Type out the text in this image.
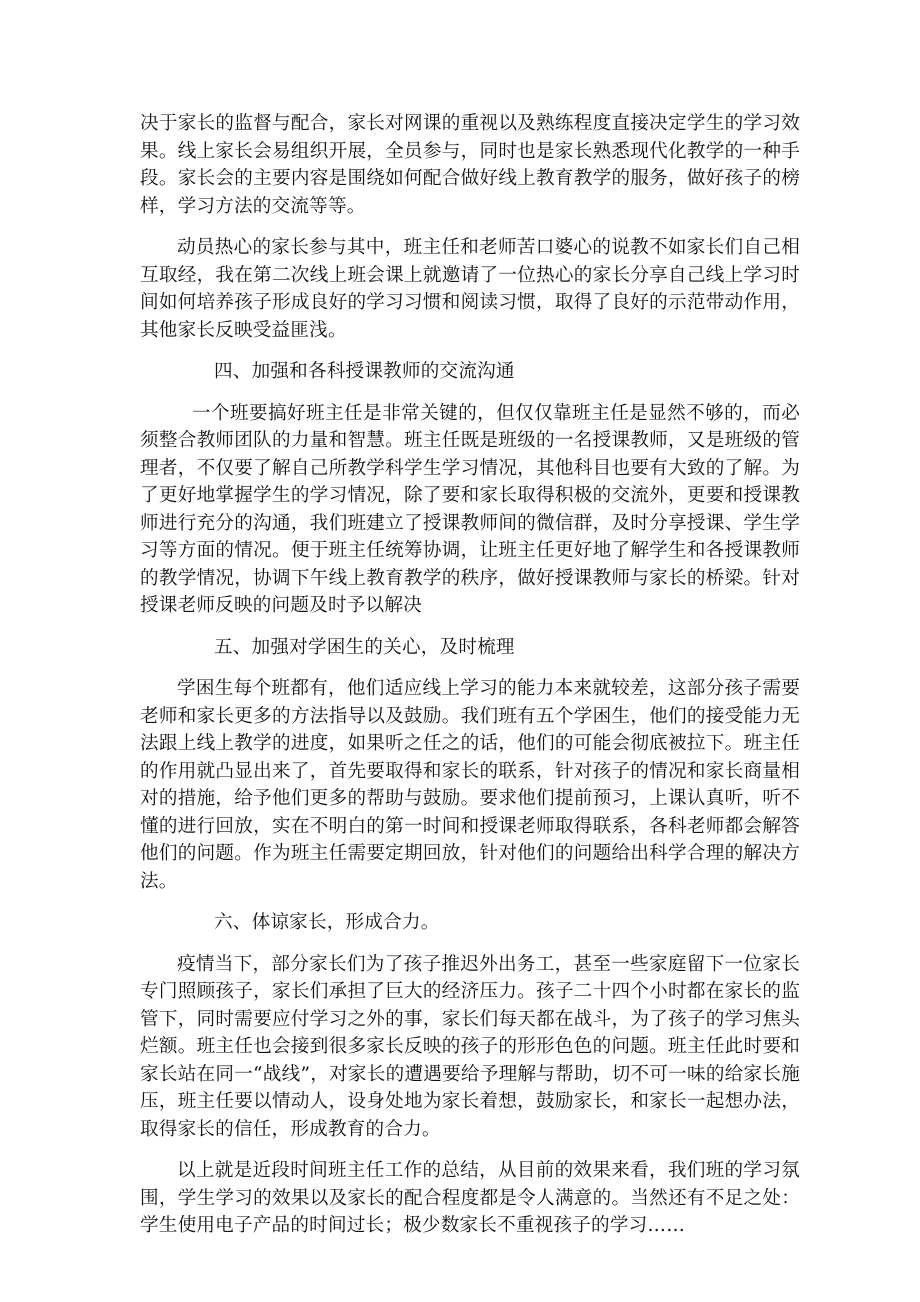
决于家长的监督与配合，家长对网课的重视以及熟练程度直接决定学生的学习效果。线上家长会易组织开展，全员参与，同时也是家长熟悉现代化教学的一种手段。家长会的主要内容是围绕如何配合做好线上教育教学的服务，做好孩子的榜样，学习方法的交流等等。

动员热心的家长参与其中，班主任和老师苦口婆心的说教不如家长们自己相互取经，我在第二次线上班会课上就邀请了一位热心的家长分享自己线上学习时间如何培养孩子形成良好的学习习惯和阅读习惯，取得了良好的示范带动作用，其他家长反映受益匪浅。

四、加强和各科授课教师的交流沟通

一个班要搞好班主任是非常关键的，但仅仅靠班主任是显然不够的，而必须整合教师团队的力量和智慧。班主任既是班级的一名授课教师，又是班级的管理者，不仅要了解自己所教学科学生学习情况，其他科目也要有大致的了解。为了更好地掌握学生的学习情况，除了要和家长取得积极的交流外，更要和授课教师进行充分的沟通，我们班建立了授课教师间的微信群，及时分享授课、学生学习等方面的情况。便于班主任统筹协调，让班主任更好地了解学生和各授课教师的教学情况，协调下午线上教育教学的秩序，做好授课教师与家长的桥梁。针对授课老师反映的问题及时予以解决

五、加强对学困生的关心，及时梳理

学困生每个班都有，他们适应线上学习的能力本来就较差，这部分孩子需要老师和家长更多的方法指导以及鼓励。我们班有五个学困生，他们的接受能力无法跟上线上教学的进度，如果听之任之的话，他们的可能会彻底被拉下。班主任的作用就凸显出来了，首先要取得和家长的联系，针对孩子的情况和家长商量相对的措施，给予他们更多的帮助与鼓励。要求他们提前预习，上课认真听，听不懂的进行回放，实在不明白的第一时间和授课老师取得联系，各科老师都会解答他们的问题。作为班主任需要定期回放，针对他们的问题给出科学合理的解决方法。

六、体谅家长，形成合力。

疫情当下，部分家长们为了孩子推迟外出务工，甚至一些家庭留下一位家长专门照顾孩子，家长们承担了巨大的经济压力。孩子二十四个小时都在家长的监管下，同时需要应付学习之外的事，家长们每天都在战斗，为了孩子的学习焦头烂额。班主任也会接到很多家长反映的孩子的形形色色的问题。班主任此时要和家长站在同一“战线”，对家长的遭遇要给予理解与帮助，切不可一味的给家长施压，班主任要以情动人，设身处地为家长着想，鼓励家长，和家长一起想办法，取得家长的信任，形成教育的合力。

以上就是近段时间班主任工作的总结，从目前的效果来看，我们班的学习氛围，学生学习的效果以及家长的配合程度都是令人满意的。当然还有不足之处：学生使用电子产品的时间过长；极少数家长不重视孩子的学习……
